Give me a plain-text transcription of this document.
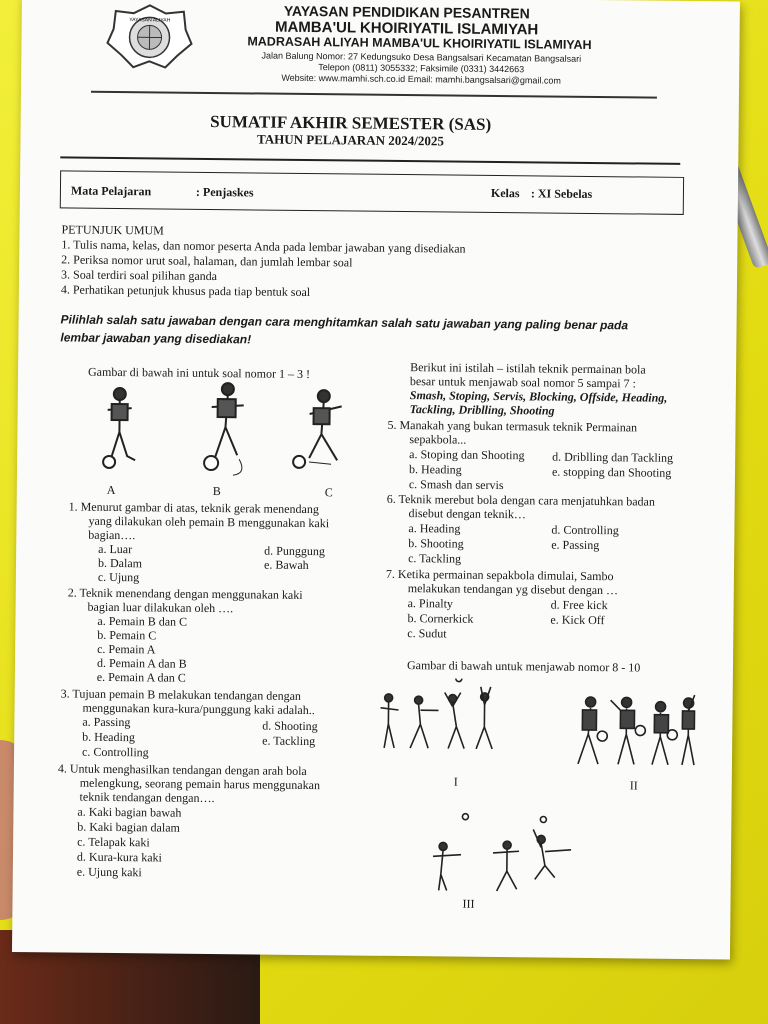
YAYASAN ALIYAH	YAYASAN PENDIDIKAN PESANTREN
MAMBA'UL KHOIRIYATIL ISLAMIYAH
MADRASAH ALIYAH MAMBA'UL KHOIRIYATIL ISLAMIYAH
Jalan Balung Nomor: 27 Kedungsuko Desa Bangsalsari Kecamatan Bangsalsari
Telepon (0811) 3055332; Faksimile (0331) 3442663
Website: www.mamhi.sch.co.id Email: mamhi.bangsalsari@gmail.com
SUMATIF AKHIR SEMESTER (SAS)
TAHUN PELAJARAN 2024/2025
Mata Pelajaran	: Penjaskes	Kelas : XI Sebelas
PETUNJUK UMUM
1. Tulis nama, kelas, dan nomor peserta Anda pada lembar jawaban yang disediakan
2. Periksa nomor urut soal, halaman, dan jumlah lembar soal
3. Soal terdiri soal pilihan ganda
4. Perhatikan petunjuk khusus pada tiap bentuk soal
Pilihlah salah satu jawaban dengan cara menghitamkan salah satu jawaban yang paling benar pada
lembar jawaban yang disediakan!
Gambar di bawah ini untuk soal nomor 1 – 3 !
A	B	C
1. Menurut gambar di atas, teknik gerak menendang
yang dilakukan oleh pemain B menggunakan kaki
bagian….
a. Luar	d. Punggung
b. Dalam	e. Bawah
c. Ujung
2. Teknik menendang dengan menggunakan kaki
bagian luar dilakukan oleh ….
a. Pemain B dan C
b. Pemain C
c. Pemain A
d. Pemain A dan B
e. Pemain A dan C
3. Tujuan pemain B melakukan tendangan dengan
menggunakan kura-kura/punggung kaki adalah..
a. Passing	d. Shooting
b. Heading	e. Tackling
c. Controlling
4. Untuk menghasilkan tendangan dengan arah bola
melengkung, seorang pemain harus menggunakan
teknik tendangan dengan….
a. Kaki bagian bawah
b. Kaki bagian dalam
c. Telapak kaki
d. Kura-kura kaki
e. Ujung kaki
Berikut ini istilah – istilah teknik permainan bola
besar untuk menjawab soal nomor 5 sampai 7 :
Smash, Stoping, Servis, Blocking, Offside, Heading,
Tackling, Driblling, Shooting
5. Manakah yang bukan termasuk teknik Permainan
sepakbola...
a. Stoping dan Shooting d. Driblling dan Tackling
b. Heading	e. stopping dan Shooting
c. Smash dan servis
6. Teknik merebut bola dengan cara menjatuhkan badan
disebut dengan teknik…
a. Heading	d. Controlling
b. Shooting	e. Passing
c. Tackling
7. Ketika permainan sepakbola dimulai, Sambo
melakukan tendangan yg disebut dengan …
a. Pinalty	d. Free kick
b. Cornerkick	e. Kick Off
c. Sudut
Gambar di bawah untuk menjawab nomor 8 - 10
I	II
III
